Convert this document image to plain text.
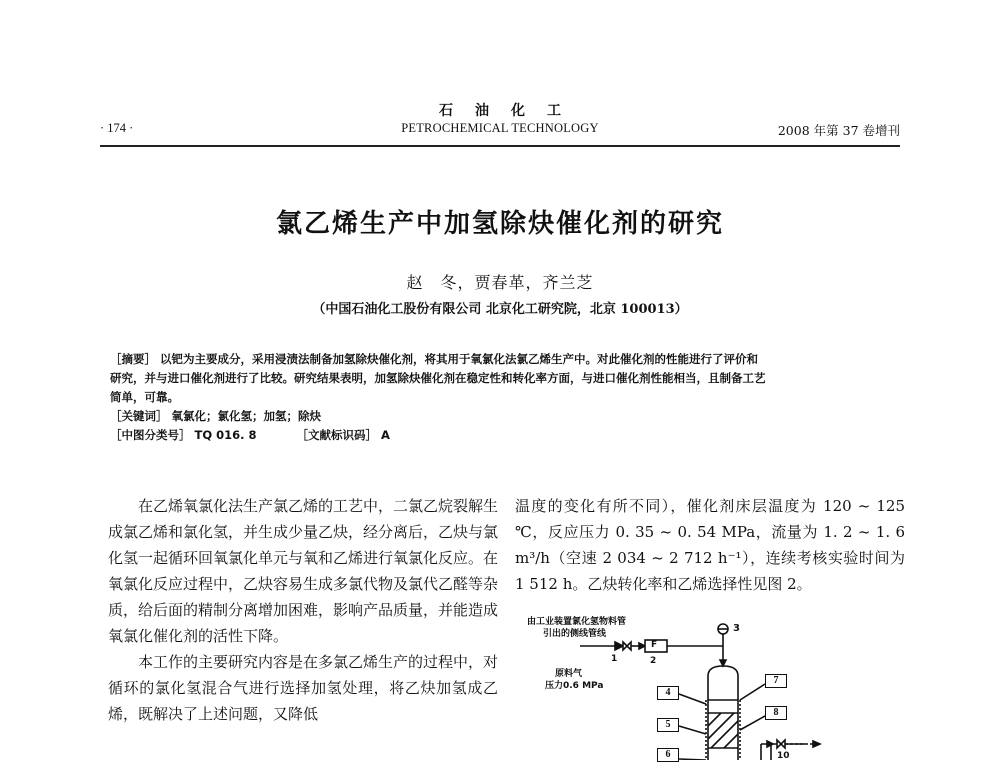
石油化工
PETROCHEMICAL TECHNOLOGY
· 174 ·	2008 年第 37 卷增刊
氯乙烯生产中加氢除炔催化剂的研究
赵　冬，贾春革，齐兰芝
（中国石油化工股份有限公司 北京化工研究院，北京 100013）
［摘要］ 以钯为主要成分，采用浸渍法制备加氢除炔催化剂，将其用于氧氯化法氯乙烯生产中。对此催化剂的性能进行了评价和
研究，并与进口催化剂进行了比较。研究结果表明，加氢除炔催化剂在稳定性和转化率方面，与进口催化剂性能相当，且制备工艺
简单，可靠。
［关键词］ 氧氯化；氯化氢；加氢；除炔
［中图分类号］ TQ 016. 8	［文献标识码］ A

在乙烯氧氯化法生产氯乙烯的工艺中，二氯乙烷裂解生成氯乙烯和氯化氢，并生成少量乙炔，经分离后，乙炔与氯化氢一起循环回氧氯化单元与氧和乙烯进行氧氯化反应。在氧氯化反应过程中，乙炔容易生成多氯代物及氯代乙醛等杂质，给后面的精制分离增加困难，影响产品质量，并能造成氧氯化催化剂的活性下降。

本工作的主要研究内容是在多氯乙烯生产的过程中，对循环的氯化氢混合气进行选择加氢处理，将乙炔加氢成乙烯，既解决了上述问题，又降低

温度的变化有所不同），催化剂床层温度为 120 ~ 125 ℃，反应压力 0. 35 ~ 0. 54 MPa，流量为 1. 2 ~ 1. 6 m³/h（空速 2 034 ~ 2 712 h⁻¹），连续考核实验时间为 1 512 h。乙炔转化率和乙烯选择性见图 2。

由工业装置氯化氢物料管
引出的侧线管线
原料气
压力0.6 MPa
1	2
F
3
4
5
6
7
8
10
